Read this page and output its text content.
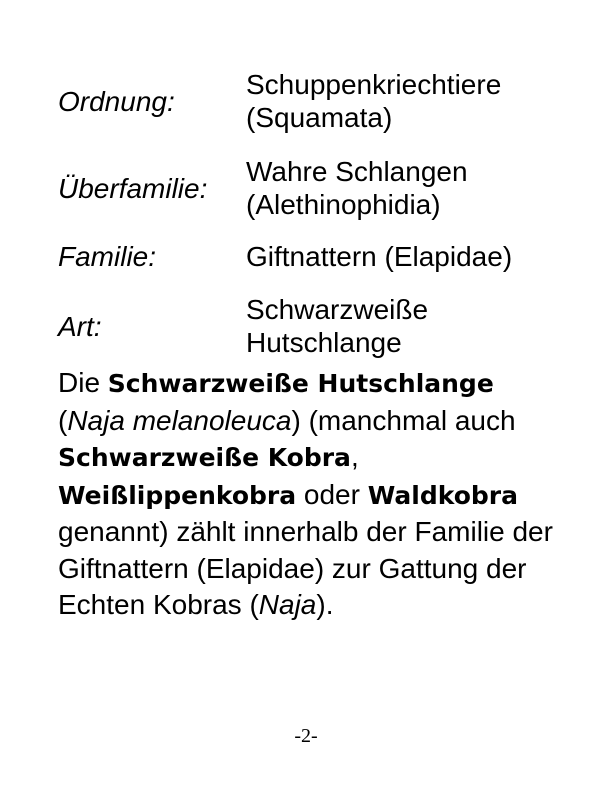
Ordnung:
Schuppenkriechtiere (Squamata)
Überfamilie:
Wahre Schlangen (Alethinophidia)
Familie:	Giftnattern (Elapidae)
Art:
Schwarzweiße Hutschlange

Die Schwarzweiße Hutschlange (Naja melanoleuca) (manchmal auch Schwarzweiße Kobra, Weißlippenkobra oder Waldkobra genannt) zählt innerhalb der Familie der Giftnattern (Elapidae) zur Gattung der Echten Kobras (Naja).

-2-
